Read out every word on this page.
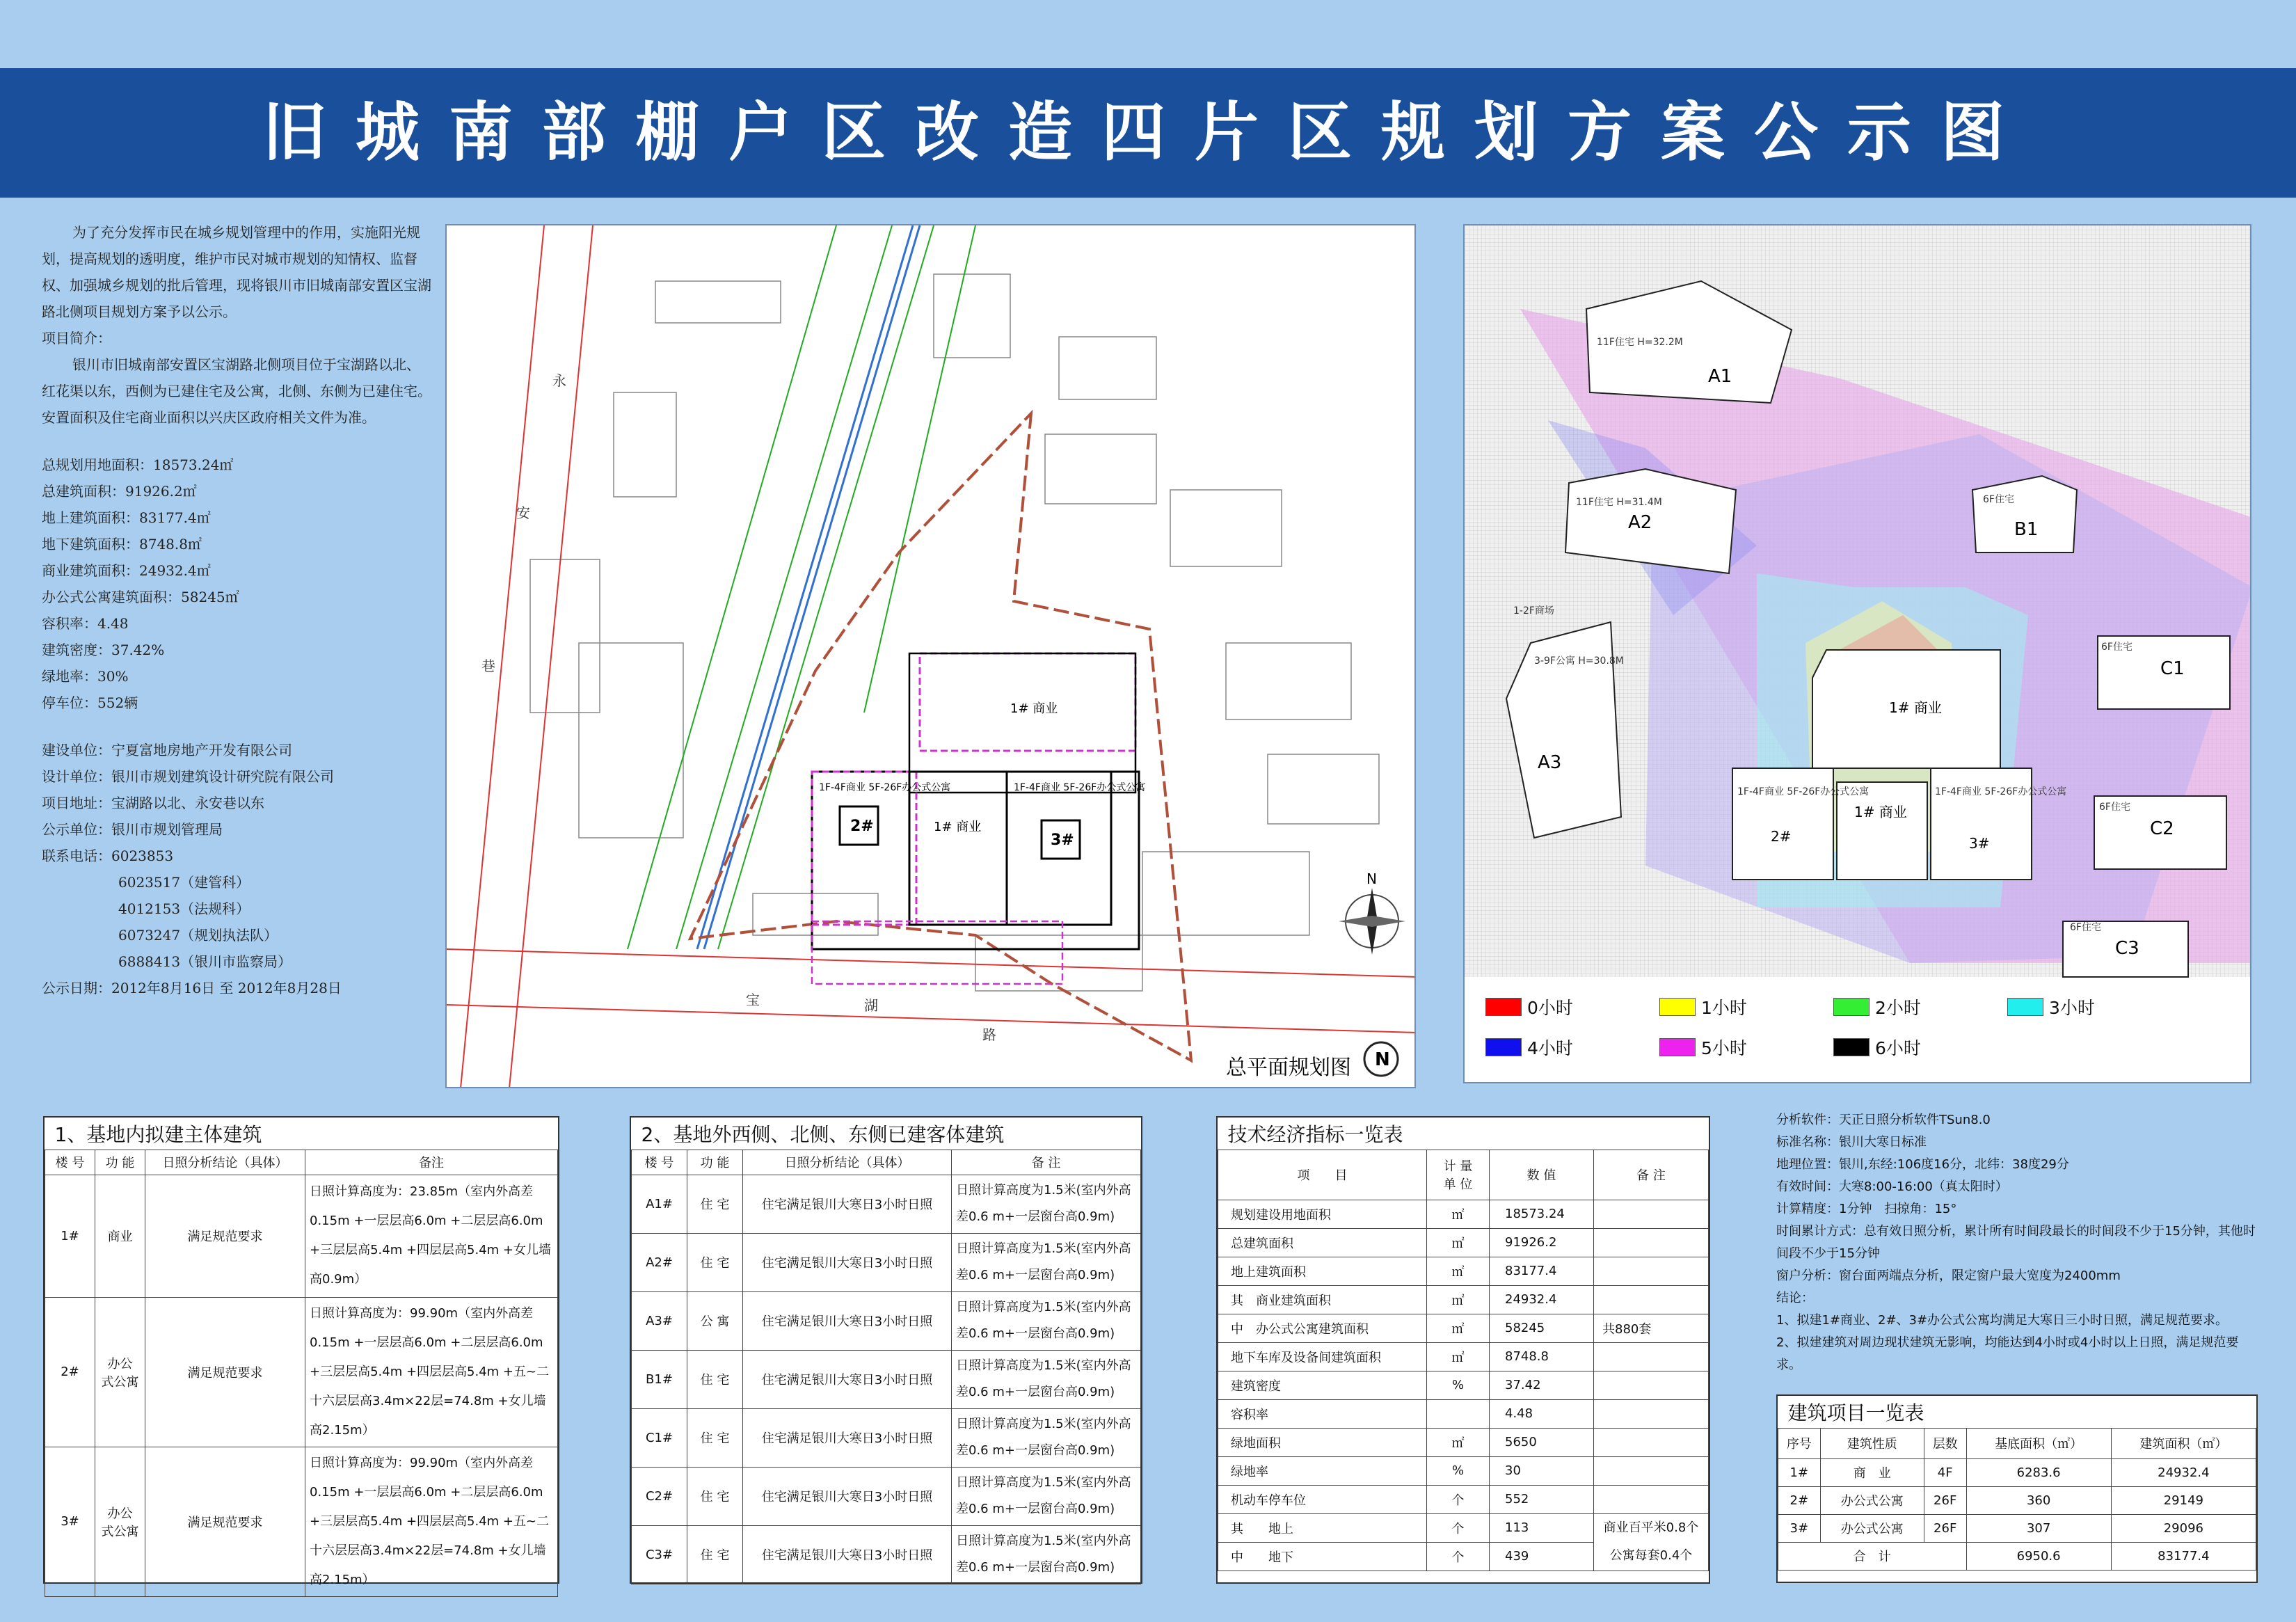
旧城南部棚户区改造四片区规划方案公示图
为了充分发挥市民在城乡规划管理中的作用，实施阳光规划，提高规划的透明度，维护市民对城市规划的知情权、监督权、加强城乡规划的批后管理，现将银川市旧城南部安置区宝湖路北侧项目规划方案予以公示。
项目简介：
银川市旧城南部安置区宝湖路北侧项目位于宝湖路以北、红花渠以东，西侧为已建住宅及公寓，北侧、东侧为已建住宅。安置面积及住宅商业面积以兴庆区政府相关文件为准。
总规划用地面积：18573.24㎡
总建筑面积：91926.2㎡
地上建筑面积：83177.4㎡
地下建筑面积：8748.8㎡
商业建筑面积：24932.4㎡
办公式公寓建筑面积：58245㎡
容积率：4.48
建筑密度：37.42%
绿地率：30%
停车位：552辆
建设单位：宁夏富地房地产开发有限公司
设计单位：银川市规划建筑设计研究院有限公司
项目地址：宝湖路以北、永安巷以东
公示单位：银川市规划管理局
联系电话：6023853
6023517（建管科）
4012153（法规科）
6073247（规划执法队）
6888413（银川市监察局）
公示日期：2012年8月16日 至 2012年8月28日
1# 商业
1# 商业
2#
3#
1F-4F商业 5F-26F办公式公寓	1F-4F商业 5F-26F办公式公寓
永
安
巷
宝	湖
路
N
总平面规划图 N
A1
A2	B1
A3
C1
C2
C3
11F住宅 H=32.2M
11F住宅 H=31.4M	6F住宅
3-9F公寓 H=30.8M
1-2F商场
6F住宅
6F住宅
6F住宅
1F-4F商业 5F-26F办公式公寓	1F-4F商业 5F-26F办公式公寓
1# 商业
2#
1# 商业
3#
0小时	1小时	2小时	3小时4小时	5小时	6小时
1、基地内拟建主体建筑			
楼 号	功 能	日照分析结论（具体）	备注
1#	商业	满足规范要求	日照计算高度为：23.85m（室内外高差0.15m +一层层高6.0m +二层层高6.0m +三层层高5.4m +四层层高5.4m +女儿墙高0.9m）
2#	办公
式公寓	满足规范要求	日照计算高度为：99.90m（室内外高差0.15m +一层层高6.0m +二层层高6.0m +三层层高5.4m +四层层高5.4m +五~二十六层层高3.4m×22层=74.8m +女儿墙高2.15m）
3#	办公
式公寓	满足规范要求	日照计算高度为：99.90m（室内外高差0.15m +一层层高6.0m +二层层高6.0m +三层层高5.4m +四层层高5.4m +五~二十六层层高3.4m×22层=74.8m +女儿墙高2.15m）
2、基地外西侧、北侧、东侧已建客体建筑			
楼 号	功 能	日照分析结论（具体）	备 注
A1#	住 宅	住宅满足银川大寒日3小时日照	日照计算高度为1.5米(室内外高差0.6 m+一层窗台高0.9m)
A2#	住 宅	住宅满足银川大寒日3小时日照	日照计算高度为1.5米(室内外高差0.6 m+一层窗台高0.9m)
A3#	公 寓	住宅满足银川大寒日3小时日照	日照计算高度为1.5米(室内外高差0.6 m+一层窗台高0.9m)
B1#	住 宅	住宅满足银川大寒日3小时日照	日照计算高度为1.5米(室内外高差0.6 m+一层窗台高0.9m)
C1#	住 宅	住宅满足银川大寒日3小时日照	日照计算高度为1.5米(室内外高差0.6 m+一层窗台高0.9m)
C2#	住 宅	住宅满足银川大寒日3小时日照	日照计算高度为1.5米(室内外高差0.6 m+一层窗台高0.9m)
C3#	住 宅	住宅满足银川大寒日3小时日照	日照计算高度为1.5米(室内外高差0.6 m+一层窗台高0.9m)
技术经济指标一览表			
项　　目	计 量
单 位	数 值	备 注
规划建设用地面积	㎡	18573.24	
总建筑面积	㎡	91926.2	
地上建筑面积	㎡	83177.4	
其　商业建筑面积	㎡	24932.4	
中　办公式公寓建筑面积	㎡	58245	共880套
地下车库及设备间建筑面积	㎡	8748.8	
建筑密度	%	37.42	
容积率		4.48	
绿地面积	㎡	5650	
绿地率	%	30	
机动车停车位	个	552	
其　　地上	个	113	商业百平米0.8个
公寓每套0.4个
中　　地下	个	439	
分析软件：天正日照分析软件TSun8.0
标准名称：银川大寒日标准
地理位置：银川,东经:106度16分，北纬：38度29分
有效时间：大寒8:00-16:00（真太阳时）
计算精度：1分钟　扫掠角：15°
时间累计方式：总有效日照分析，累计所有时间段最长的时间段不少于15分钟，其他时间段不少于15分钟
窗户分析：窗台面两端点分析，限定窗户最大宽度为2400mm
结论：
1、拟建1#商业、2#、3#办公式公寓均满足大寒日三小时日照，满足规范要求。
2、拟建建筑对周边现状建筑无影响，均能达到4小时或4小时以上日照，满足规范要求。
建筑项目一览表				
序号	建筑性质	层数	基底面积（㎡）	建筑面积（㎡）
1#	商　业	4F	6283.6	24932.4
2#	办公式公寓	26F	360	29149
3#	办公式公寓	26F	307	29096
合　计			6950.6	83177.4
